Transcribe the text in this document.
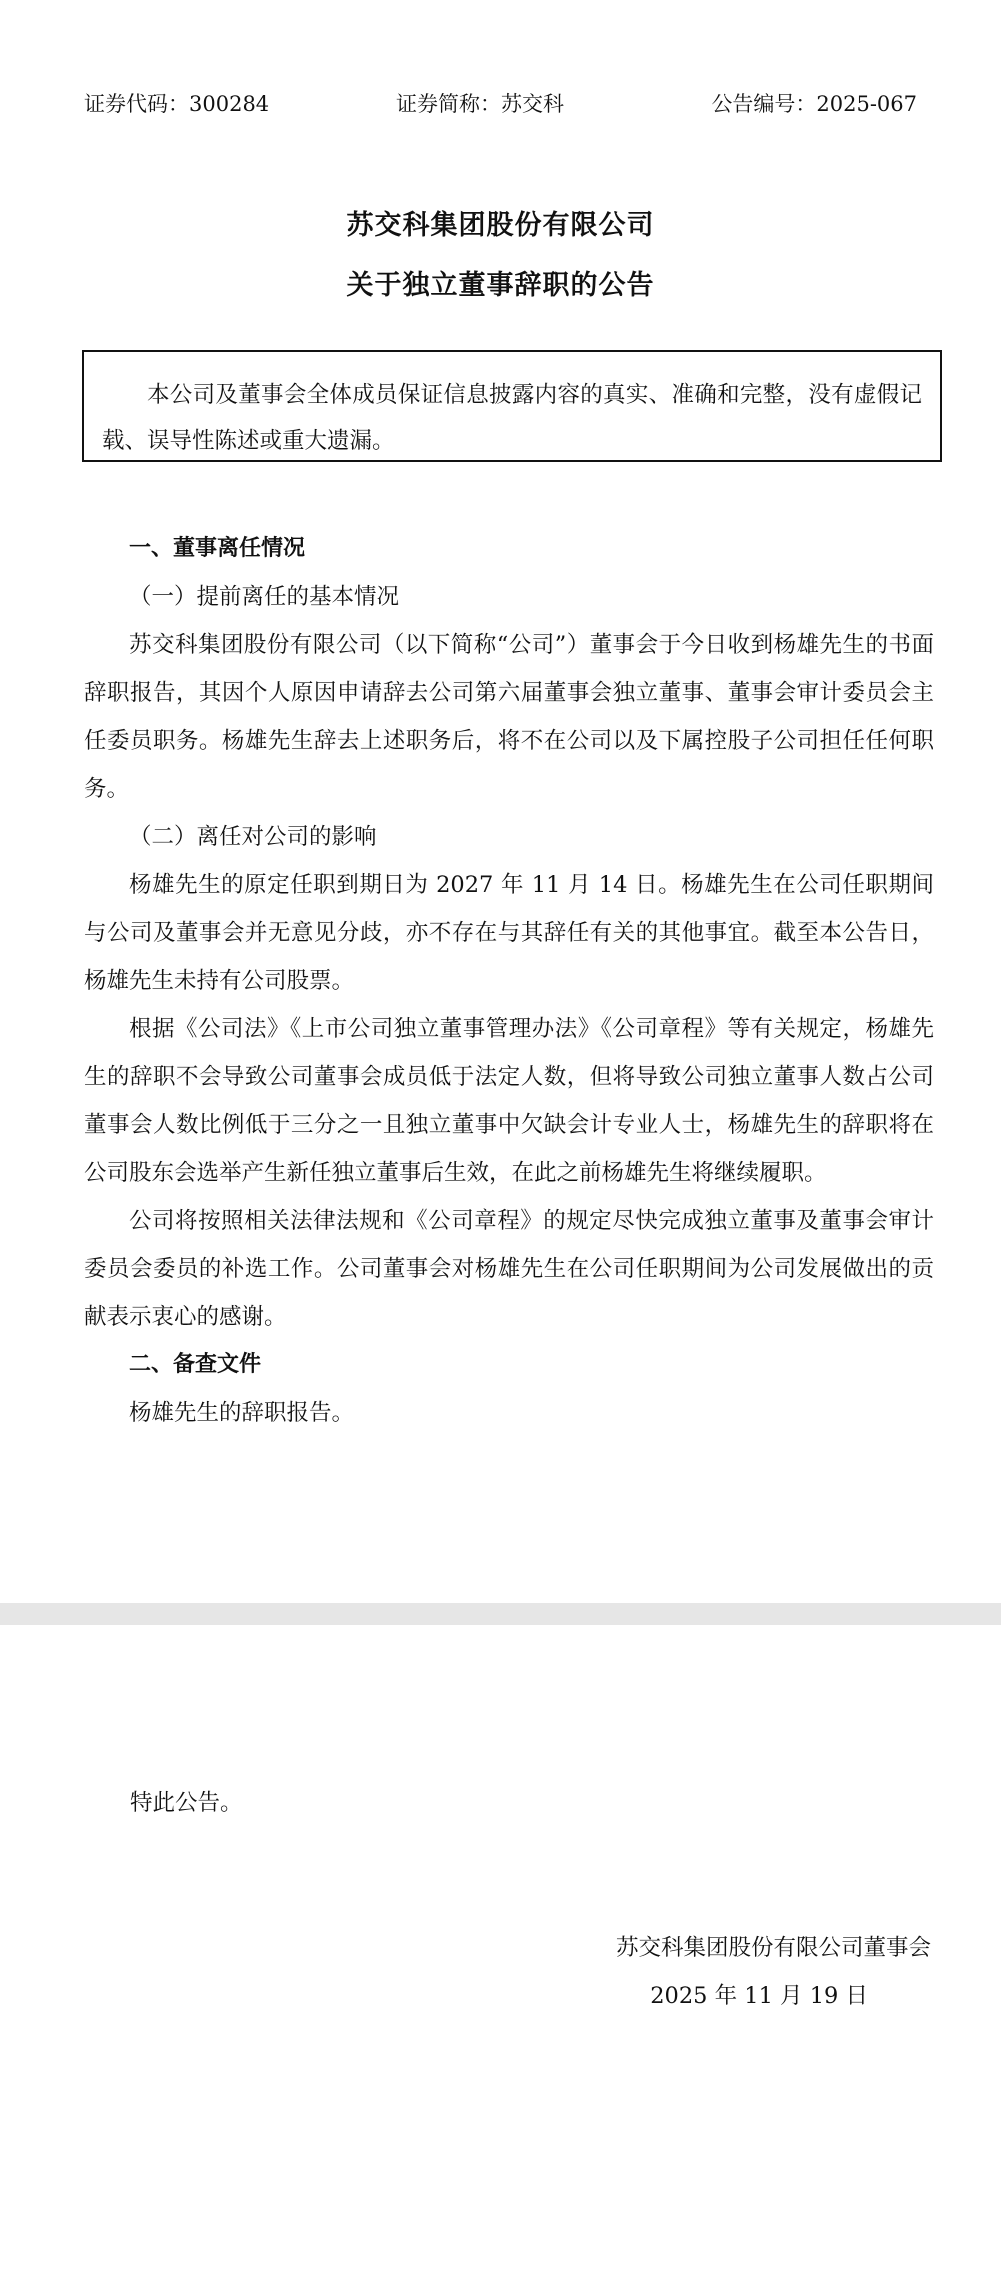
证券代码：300284	证券简称：苏交科	公告编号：2025-067
苏交科集团股份有限公司
关于独立董事辞职的公告
本公司及董事会全体成员保证信息披露内容的真实、准确和完整，没有虚假记载、误导性陈述或重大遗漏。

一、董事离任情况

（一）提前离任的基本情况

苏交科集团股份有限公司（以下简称“公司”）董事会于今日收到杨雄先生的书面辞职报告，其因个人原因申请辞去公司第六届董事会独立董事、董事会审计委员会主任委员职务。杨雄先生辞去上述职务后，将不在公司以及下属控股子公司担任任何职务。

（二）离任对公司的影响

杨雄先生的原定任职到期日为 2027 年 11 月 14 日。杨雄先生在公司任职期间与公司及董事会并无意见分歧，亦不存在与其辞任有关的其他事宜。截至本公告日，杨雄先生未持有公司股票。

根据《公司法》《上市公司独立董事管理办法》《公司章程》等有关规定，杨雄先生的辞职不会导致公司董事会成员低于法定人数，但将导致公司独立董事人数占公司董事会人数比例低于三分之一且独立董事中欠缺会计专业人士，杨雄先生的辞职将在公司股东会选举产生新任独立董事后生效，在此之前杨雄先生将继续履职。

公司将按照相关法律法规和《公司章程》的规定尽快完成独立董事及董事会审计委员会委员的补选工作。公司董事会对杨雄先生在公司任职期间为公司发展做出的贡献表示衷心的感谢。

二、备查文件

杨雄先生的辞职报告。

特此公告。
苏交科集团股份有限公司董事会
2025 年 11 月 19 日
